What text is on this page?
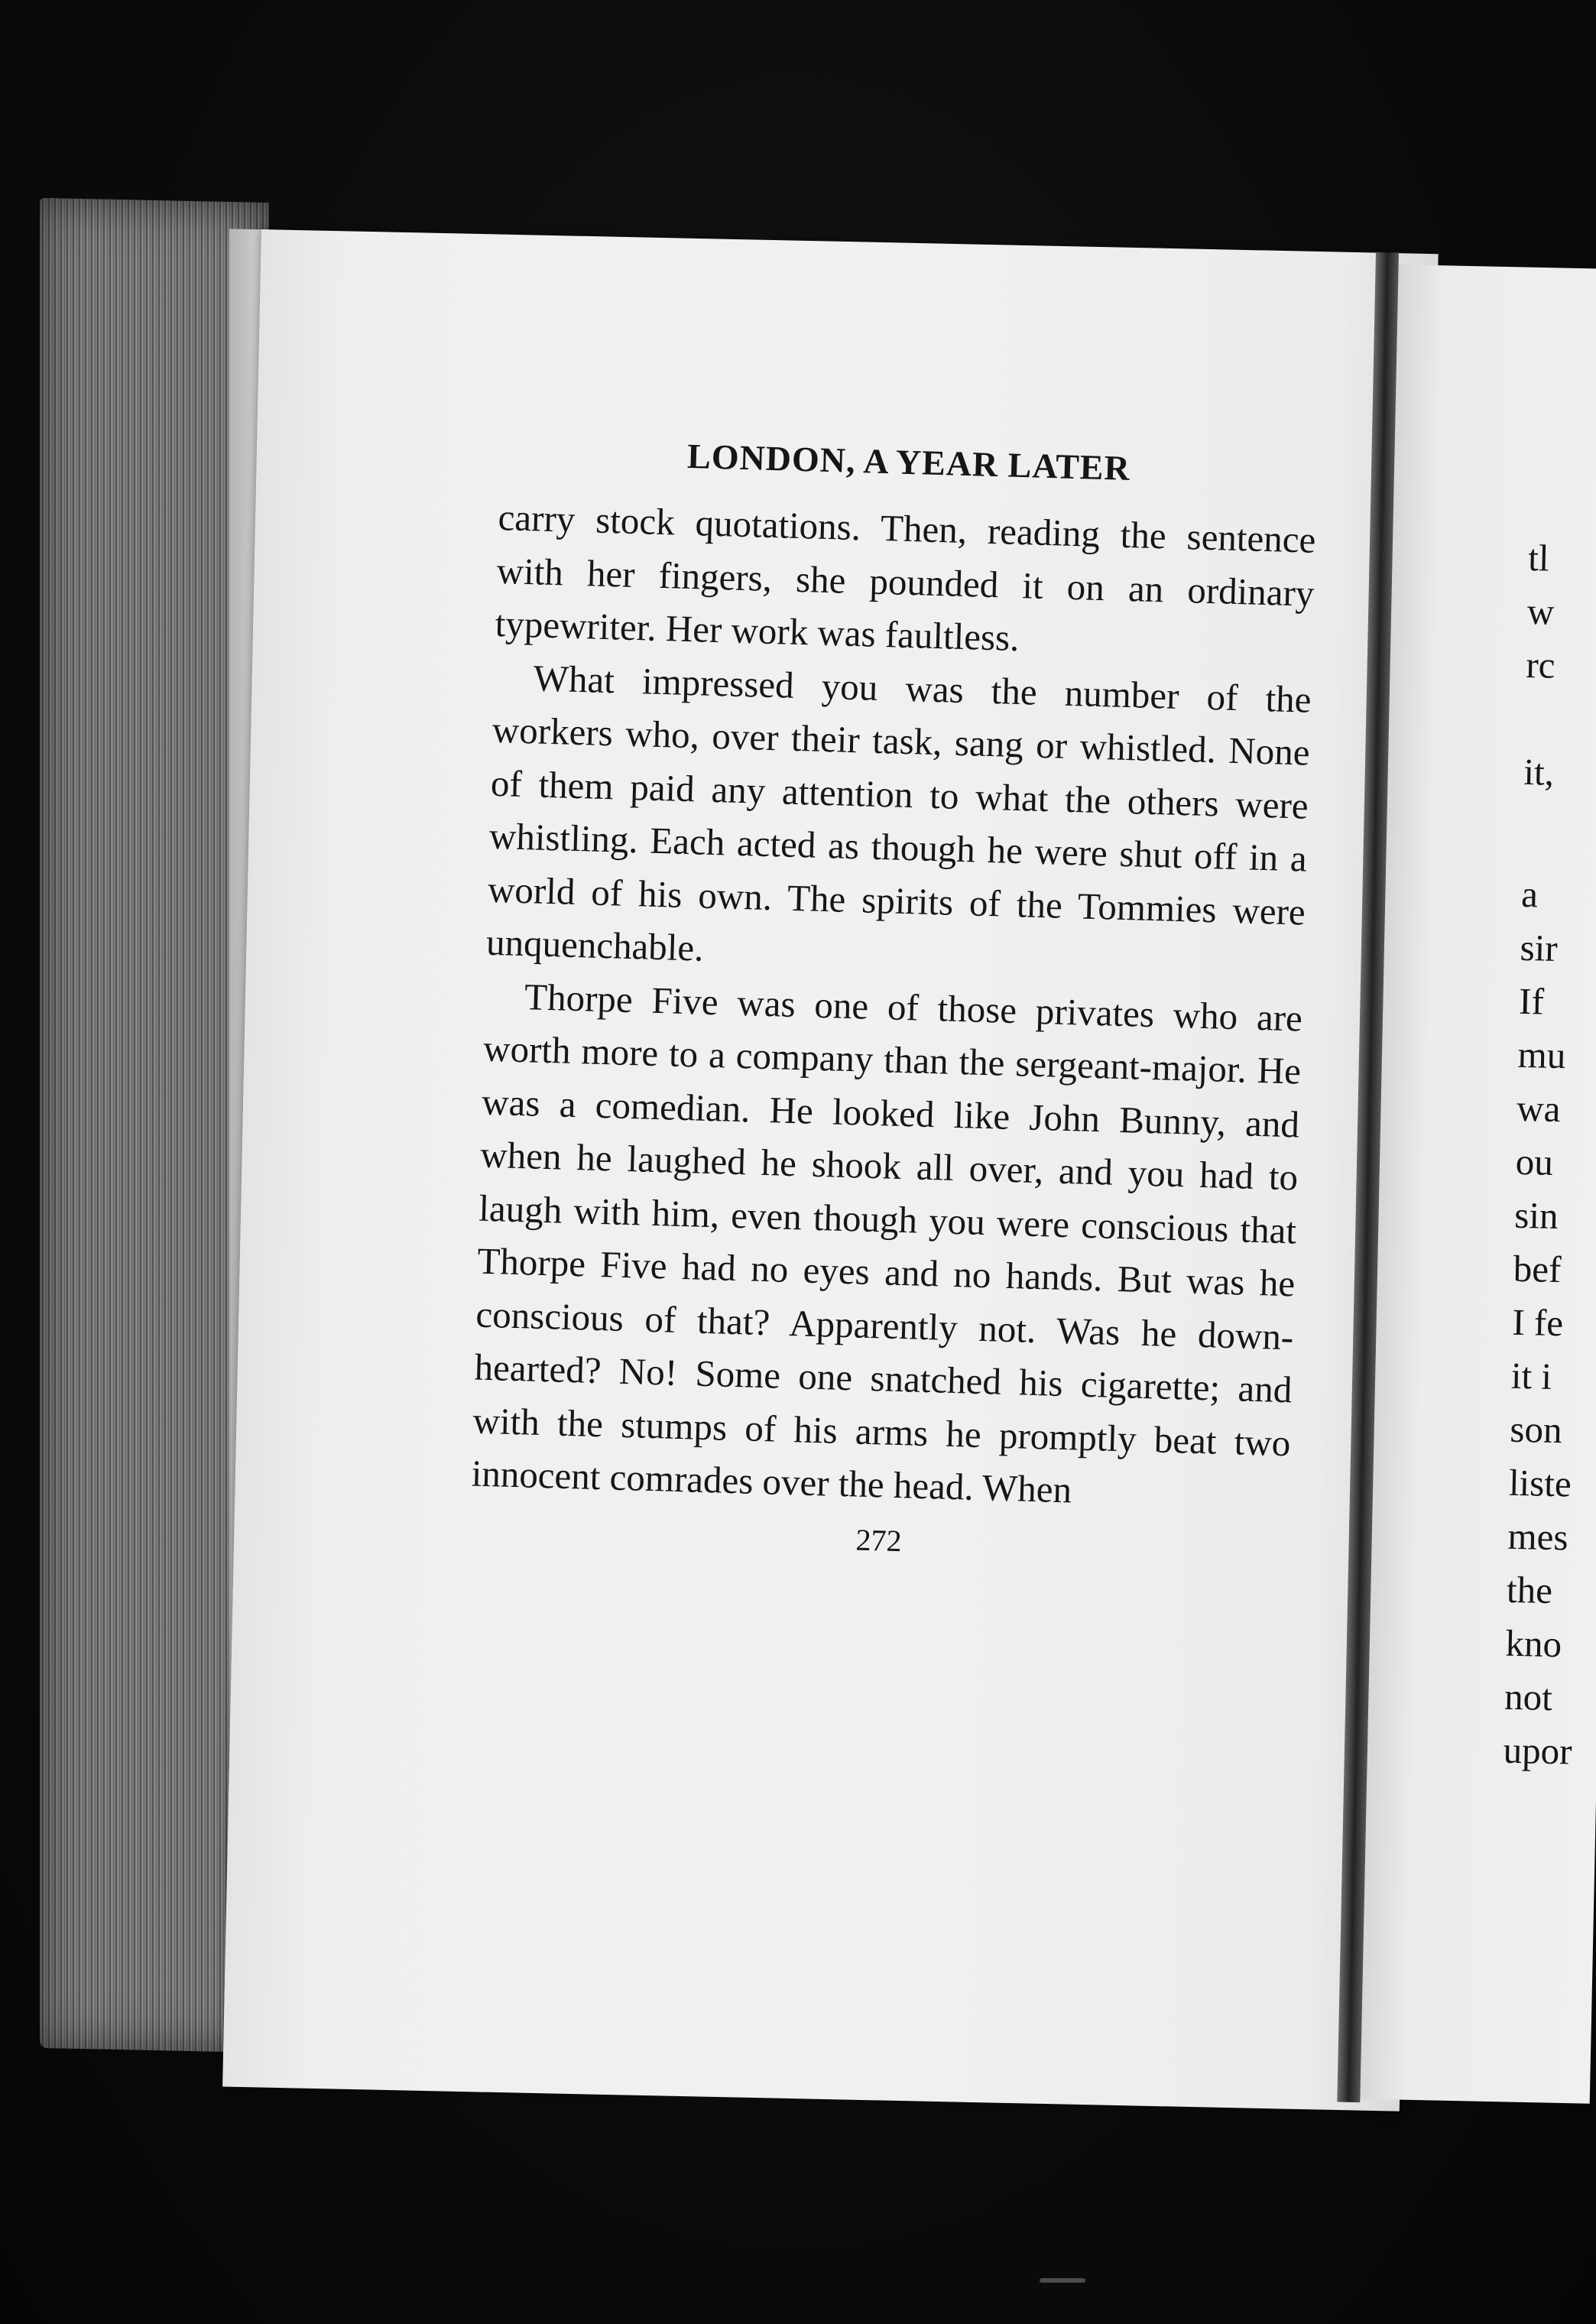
LONDON, A YEAR LATER

carry stock quotations. Then, reading the sentence with her fingers, she pounded it on an ordinary typewriter. Her work was faultless.

What impressed you was the number of the workers who, over their task, sang or whistled. None of them paid any attention to what the others were whistling. Each acted as though he were shut off in a world of his own. The spirits of the Tommies were unquenchable.

Thorpe Five was one of those privates who are worth more to a company than the sergeant-major. He was a comedian. He looked like John Bunny, and when he laughed he shook all over, and you had to laugh with him, even though you were conscious that Thorpe Five had no eyes and no hands. But was he conscious of that? Apparently not. Was he down-hearted? No! Some one snatched his cigarette; and with the stumps of his arms he promptly beat two innocent comrades over the head. When

272
tl
w
rc
it,
a
sir
If
mu
wa
ou
sin
bef
I fe
it i
son
liste
mes
the
kno
not
upor
